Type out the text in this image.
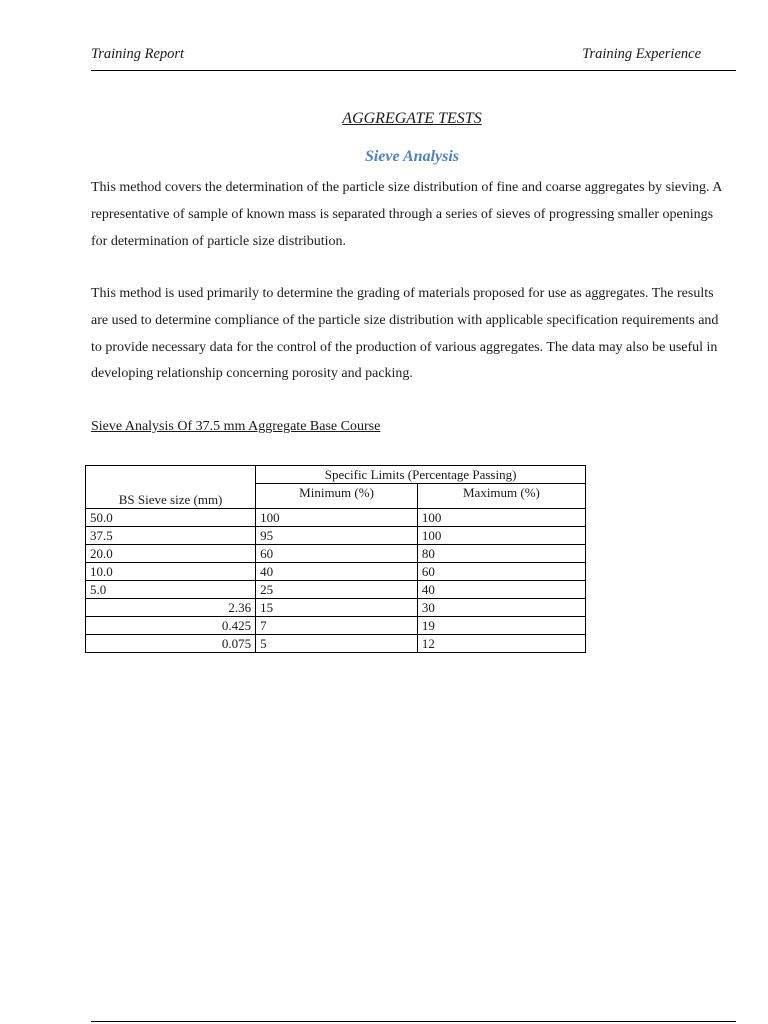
Training Report	Training Experience
AGGREGATE TESTS
Sieve Analysis
This method covers the determination of the particle size distribution of fine and coarse aggregates by sieving. A representative of sample of known mass is separated through a series of sieves of progressing smaller openings for determination of particle size distribution.
This method is used primarily to determine the grading of materials proposed for use as aggregates. The results are used to determine compliance of the particle size distribution with applicable specification requirements and to provide necessary data for the control of the production of various aggregates. The data may also be useful in developing relationship concerning porosity and packing.
Sieve Analysis Of 37.5 mm Aggregate Base Course
BS Sieve size (mm)	Specific Limits (Percentage Passing)	
	Minimum (%)	Maximum (%)
50.0	100	100
37.5	95	100
20.0	60	80
10.0	40	60
5.0	25	40
2.36	15	30
0.425	7	19
0.075	5	12
